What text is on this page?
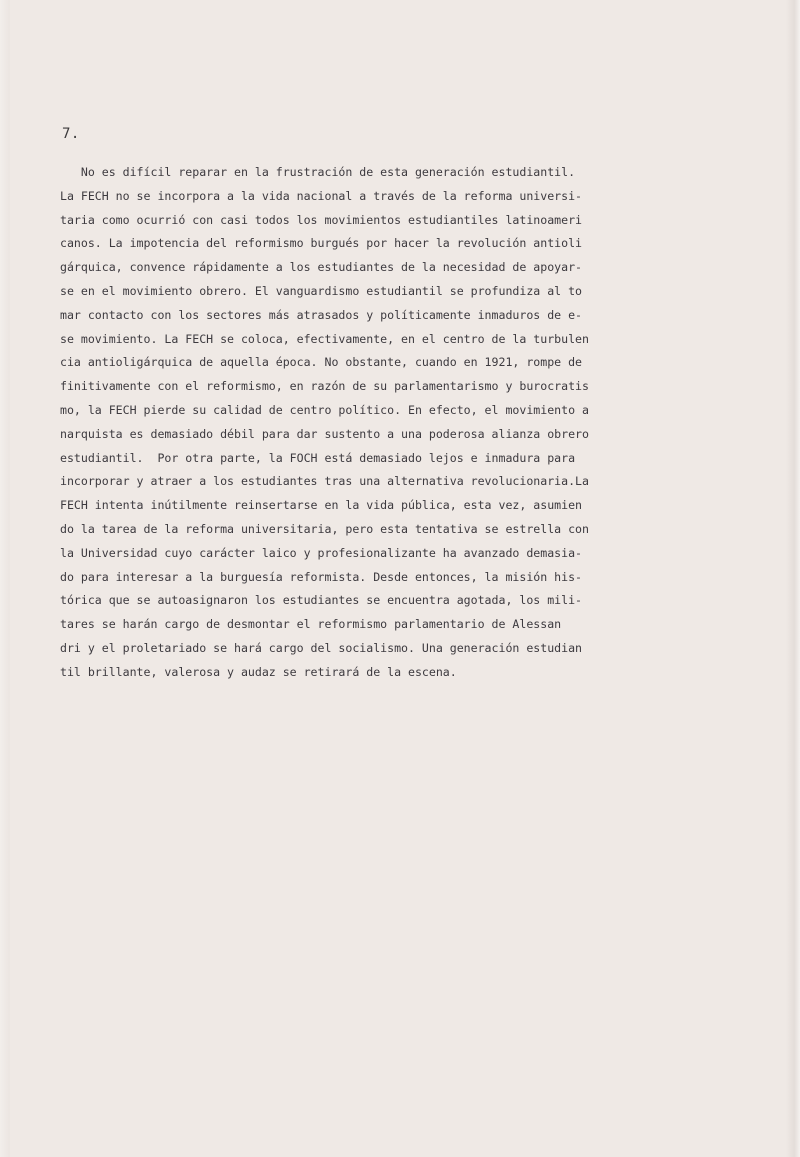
7.
No es difícil reparar en la frustración de esta generación estudiantil.
La FECH no se incorpora a la vida nacional a través de la reforma universi-
taria como ocurrió con casi todos los movimientos estudiantiles latinoameri
canos. La impotencia del reformismo burgués por hacer la revolución antioli
gárquica, convence rápidamente a los estudiantes de la necesidad de apoyar-
se en el movimiento obrero. El vanguardismo estudiantil se profundiza al to
mar contacto con los sectores más atrasados y políticamente inmaduros de e-
se movimiento. La FECH se coloca, efectivamente, en el centro de la turbulen
cia antioligárquica de aquella época. No obstante, cuando en 1921, rompe de
finitivamente con el reformismo, en razón de su parlamentarismo y burocratis
mo, la FECH pierde su calidad de centro político. En efecto, el movimiento a
narquista es demasiado débil para dar sustento a una poderosa alianza obrero
estudiantil.  Por otra parte, la FOCH está demasiado lejos e inmadura para
incorporar y atraer a los estudiantes tras una alternativa revolucionaria.La
FECH intenta inútilmente reinsertarse en la vida pública, esta vez, asumien
do la tarea de la reforma universitaria, pero esta tentativa se estrella con
la Universidad cuyo carácter laico y profesionalizante ha avanzado demasia-
do para interesar a la burguesía reformista. Desde entonces, la misión his-
tórica que se autoasignaron los estudiantes se encuentra agotada, los mili-
tares se harán cargo de desmontar el reformismo parlamentario de Alessan
dri y el proletariado se hará cargo del socialismo. Una generación estudian
til brillante, valerosa y audaz se retirará de la escena.
